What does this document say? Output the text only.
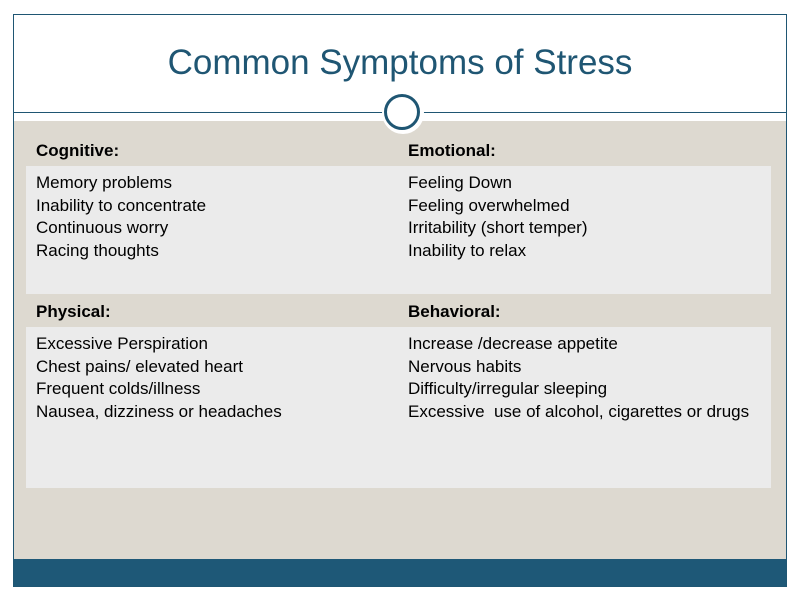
Common Symptoms of Stress
Cognitive:	Emotional:
Memory problems
Inability to concentrate
Continuous worry
Racing thoughts
Feeling Down
Feeling overwhelmed
Irritability (short temper)
Inability to relax
Physical:	Behavioral:
Excessive Perspiration
Chest pains/ elevated heart
Frequent colds/illness
Nausea, dizziness or headaches
Increase /decrease appetite
Nervous habits
Difficulty/irregular sleeping
Excessive  use of alcohol, cigarettes or drugs
